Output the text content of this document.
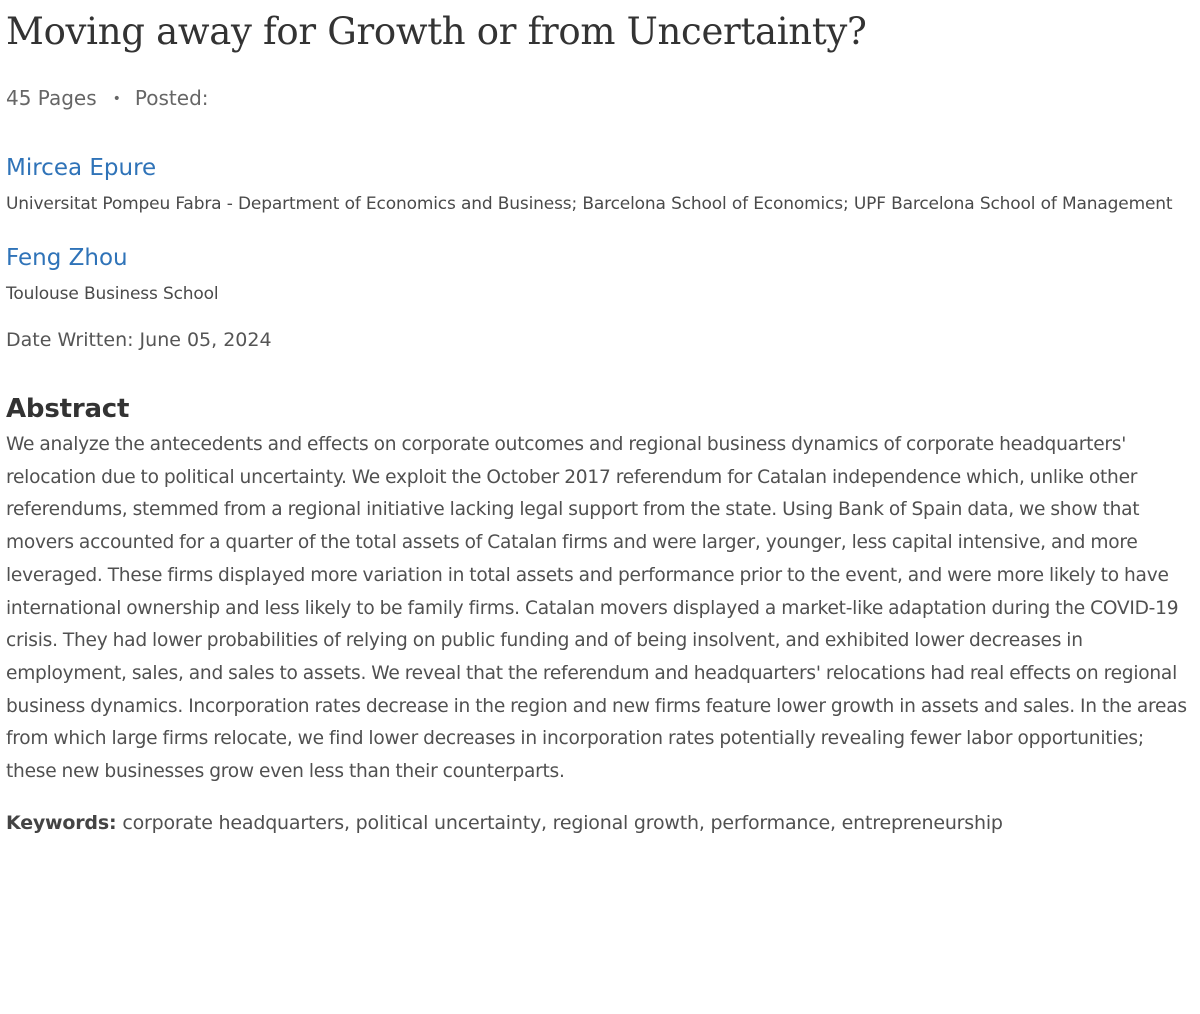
Moving away for Growth or from Uncertainty?
45 Pages • Posted:
Mircea Epure
Universitat Pompeu Fabra - Department of Economics and Business; Barcelona School of Economics; UPF Barcelona School of Management
Feng Zhou
Toulouse Business School
Date Written: June 05, 2024
Abstract
We analyze the antecedents and effects on corporate outcomes and regional business dynamics of corporate headquarters' relocation due to political uncertainty. We exploit the October 2017 referendum for Catalan independence which, unlike other referendums, stemmed from a regional initiative lacking legal support from the state. Using Bank of Spain data, we show that movers accounted for a quarter of the total assets of Catalan firms and were larger, younger, less capital intensive, and more leveraged. These firms displayed more variation in total assets and performance prior to the event, and were more likely to have international ownership and less likely to be family firms. Catalan movers displayed a market-like adaptation during the COVID-19 crisis. They had lower probabilities of relying on public funding and of being insolvent, and exhibited lower decreases in employment, sales, and sales to assets. We reveal that the referendum and headquarters' relocations had real effects on regional business dynamics. Incorporation rates decrease in the region and new firms feature lower growth in assets and sales. In the areas from which large firms relocate, we find lower decreases in incorporation rates potentially revealing fewer labor opportunities; these new businesses grow even less than their counterparts.
Keywords: corporate headquarters, political uncertainty, regional growth, performance, entrepreneurship
